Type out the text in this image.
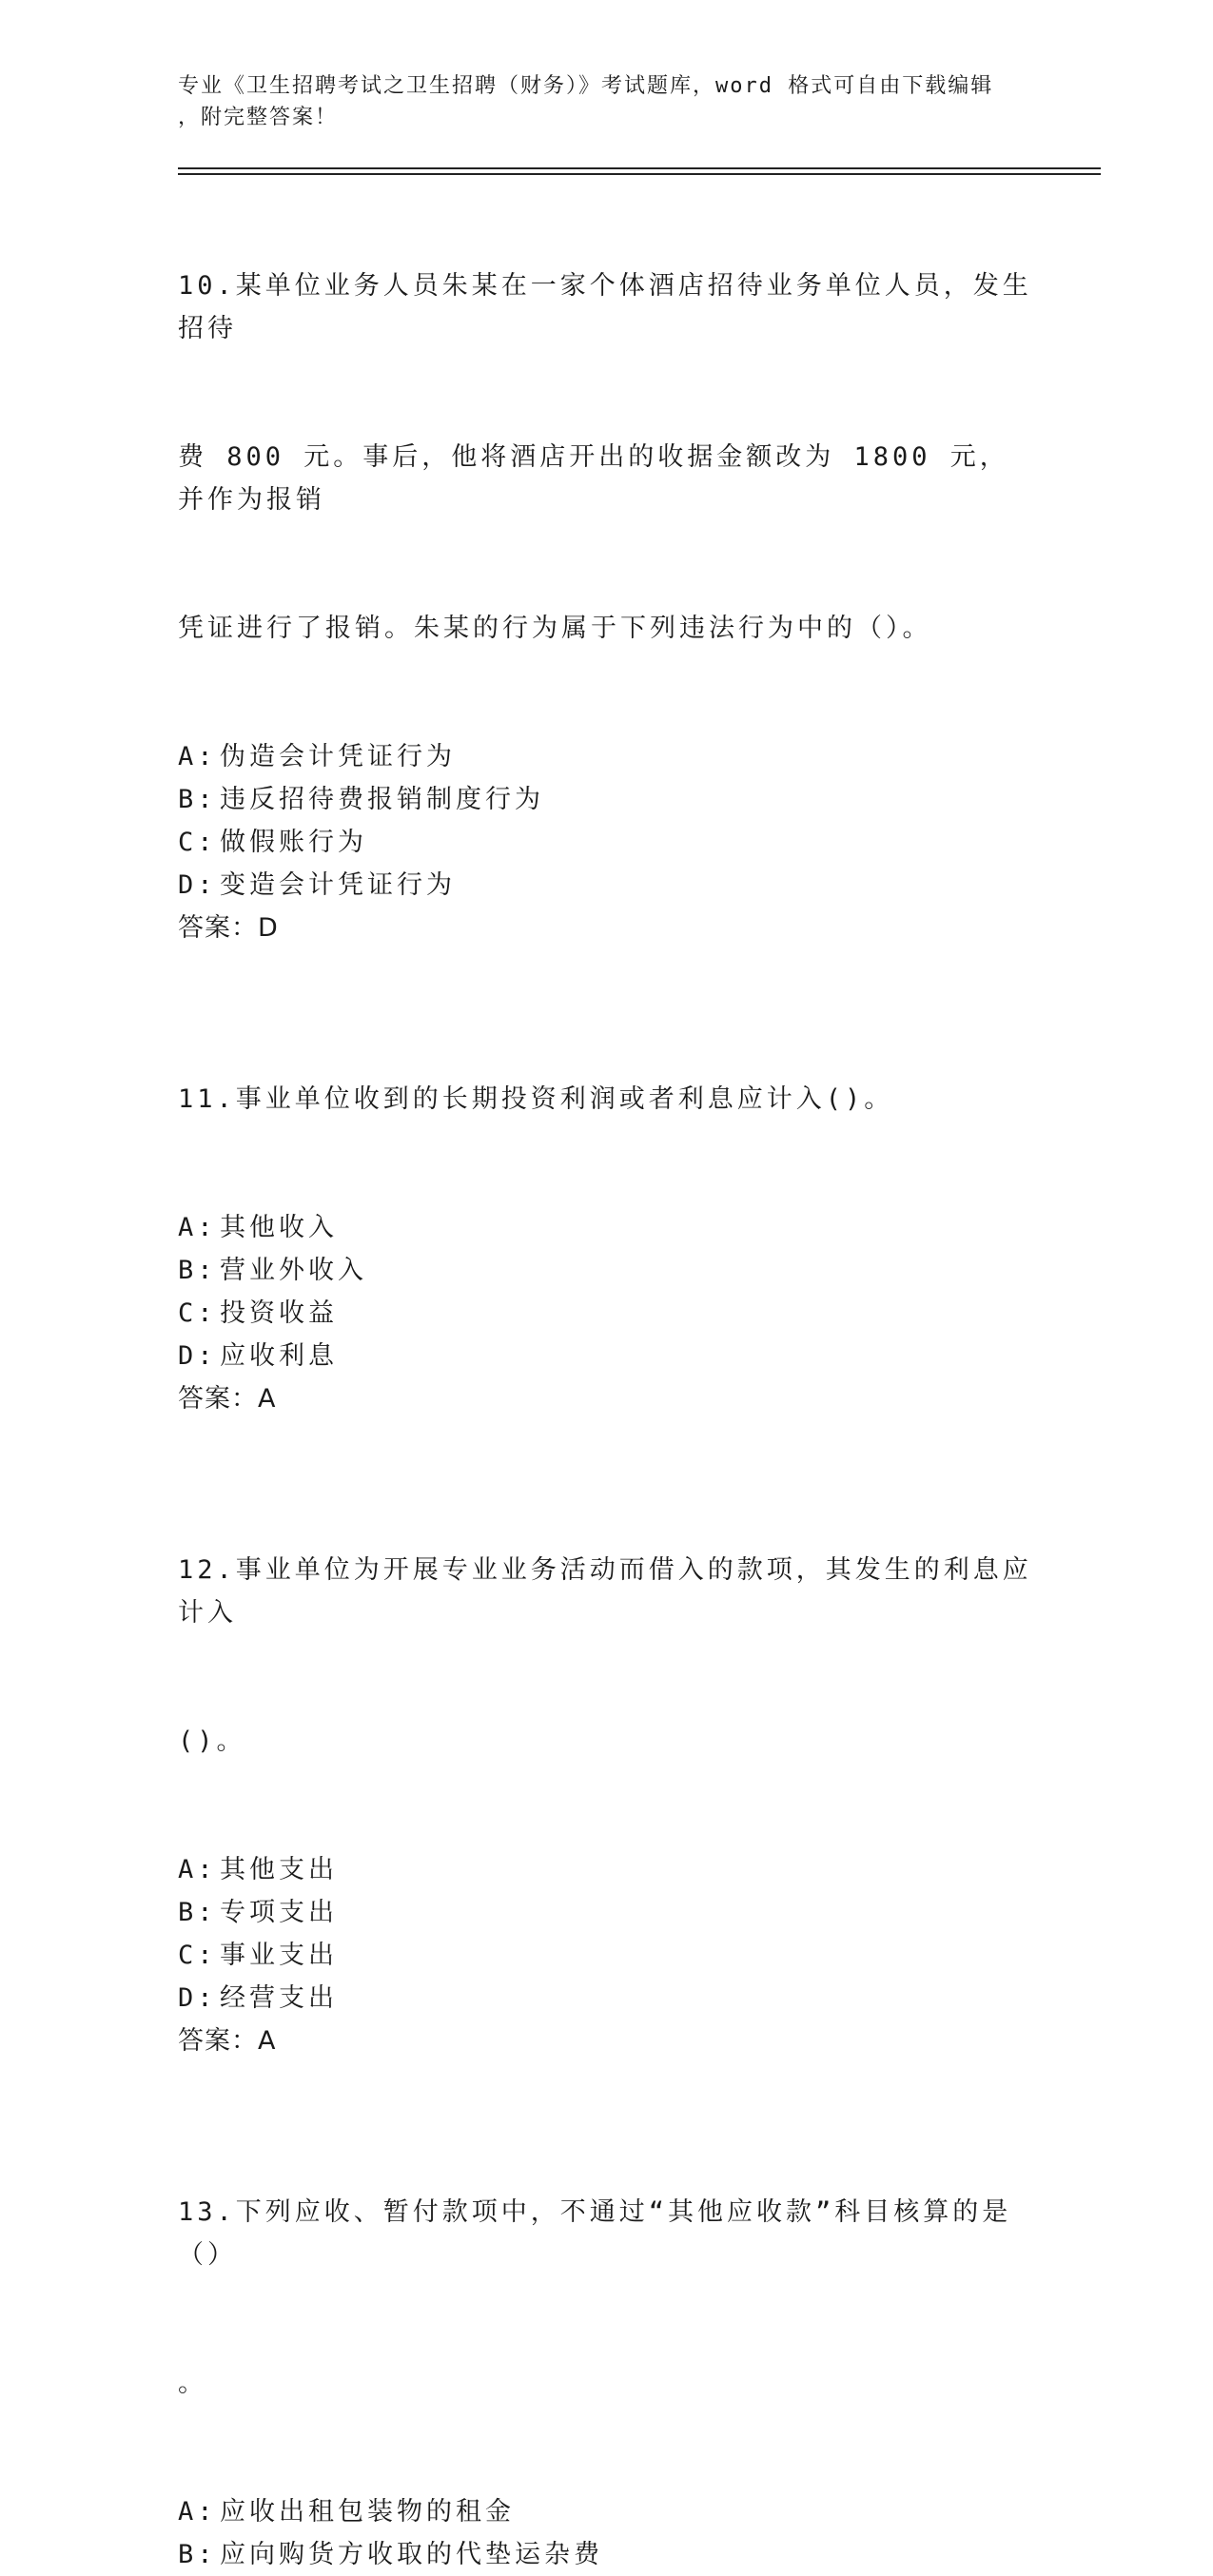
专业《卫生招聘考试之卫生招聘（财务）》考试题库，word 格式可自由下载编辑
，附完整答案！

10.某单位业务人员朱某在一家个体酒店招待业务单位人员，发生招待

费 800 元。事后，他将酒店开出的收据金额改为 1800 元，并作为报销

凭证进行了报销。朱某的行为属于下列违法行为中的（）。

A: 伪造会计凭证行为
B: 违反招待费报销制度行为
C: 做假账行为
D: 变造会计凭证行为
答案：D

11.事业单位收到的长期投资利润或者利息应计入()。

A: 其他收入
B: 营业外收入
C: 投资收益
D: 应收利息
答案：A

12.事业单位为开展专业业务活动而借入的款项，其发生的利息应计入

()。

A: 其他支出
B: 专项支出
C: 事业支出
D: 经营支出
答案：A

13.下列应收、暂付款项中，不通过“其他应收款”科目核算的是（）

。

A: 应收出租包装物的租金
B: 应向购货方收取的代垫运杂费
